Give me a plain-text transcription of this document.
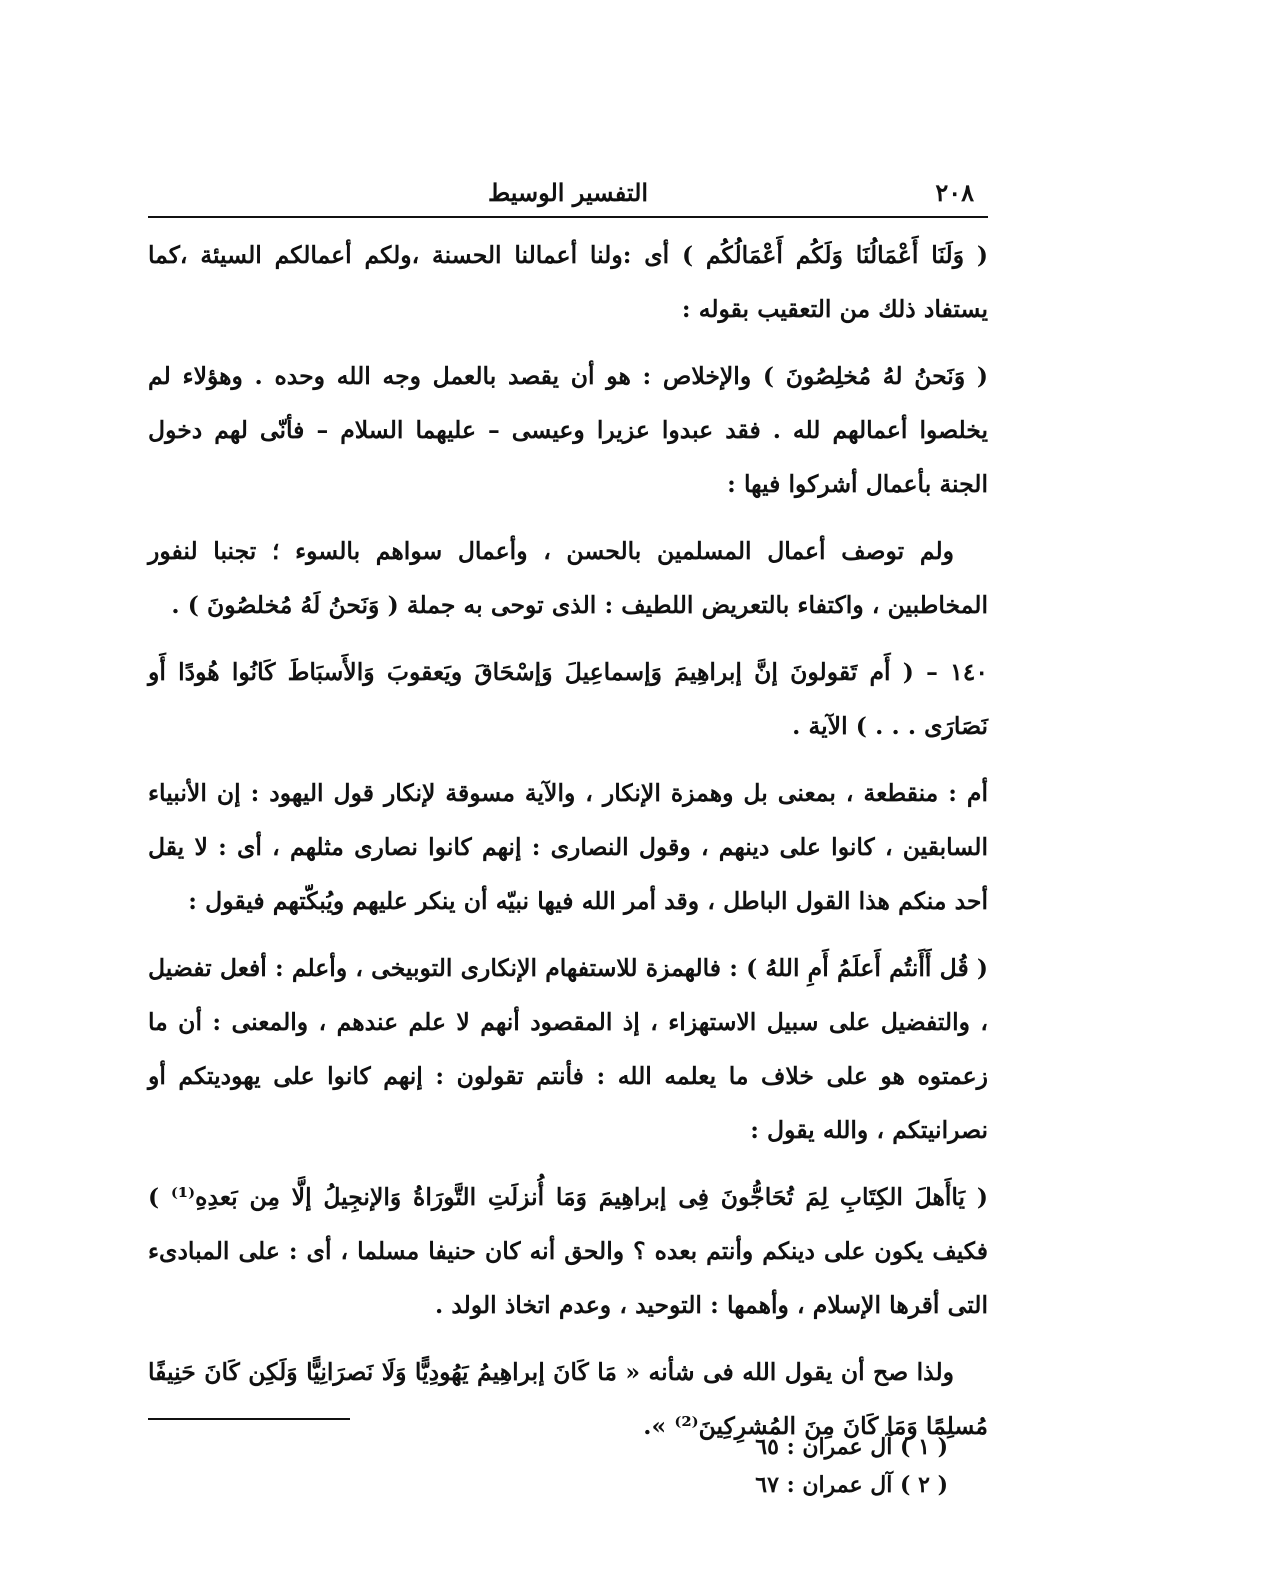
٢٠٨
التفسير الوسيط

( وَلَنَا أَعْمَالُنَا وَلَكُم أَعْمَالُكُم ) أى :ولنا أعمالنا الحسنة ،ولكم أعمالكم السيئة ،كما يستفاد ذلك من التعقيب بقوله :

( وَنَحنُ لهُ مُخلِصُونَ ) والإخلاص : هو أن يقصد بالعمل وجه الله وحده . وهؤلاء لم يخلصوا أعمالهم لله . فقد عبدوا عزيرا وعيسى – عليهما السلام – فأنّى لهم دخول الجنة بأعمال أشركوا فيها :

ولم توصف أعمال المسلمين بالحسن ، وأعمال سواهم بالسوء ؛ تجنبا لنفور المخاطبين ، واكتفاء بالتعريض اللطيف : الذى توحى به جملة ( وَنَحنُ لَهُ مُخلصُونَ ) .

١٤٠ – ( أَم تَقولونَ إنَّ إبراهِيمَ وَإسماعِيلَ وَإسْحَاقَ ويَعقوبَ وَالأَسبَاطَ كَانُوا هُودًا أَو نَصَارَى . . . ) الآية .

أم : منقطعة ، بمعنى بل وهمزة الإنكار ، والآية مسوقة لإنكار قول اليهود : إن الأنبياء السابقين ، كانوا على دينهم ، وقول النصارى : إنهم كانوا نصارى مثلهم ، أى : لا يقل أحد منكم هذا القول الباطل ، وقد أمر الله فيها نبيّه أن ينكر عليهم ويُبكّتهم فيقول :

( قُل أَأَنتُم أَعلَمُ أَمِ اللهُ ) : فالهمزة للاستفهام الإنكارى التوبيخى ، وأعلم : أفعل تفضيل ، والتفضيل على سبيل الاستهزاء ، إذ المقصود أنهم لا علم عندهم ، والمعنى : أن ما زعمتوه هو على خلاف ما يعلمه الله : فأنتم تقولون : إنهم كانوا على يهوديتكم أو نصرانيتكم ، والله يقول :

( يَاأَهلَ الكِتَابِ لِمَ تُحَاجُّونَ فِى إبراهِيمَ وَمَا أُنزلَتِ التَّورَاةُ وَالإنجِيلُ إلَّا مِن بَعدِهِ⁽¹⁾ ) فكيف يكون على دينكم وأنتم بعده ؟ والحق أنه كان حنيفا مسلما ، أى : على المبادىء التى أقرها الإسلام ، وأهمها : التوحيد ، وعدم اتخاذ الولد .

ولذا صح أن يقول الله فى شأنه « مَا كَانَ إبراهِيمُ يَهُودِيًّا وَلَا نَصرَانِيًّا وَلَكِن كَانَ حَنِيفًا مُسلِمًا وَمَا كَانَ مِنَ المُشرِكِينَ⁽²⁾ ».

( ١ ) آل عمران : ٦٥
( ٢ ) آل عمران : ٦٧
